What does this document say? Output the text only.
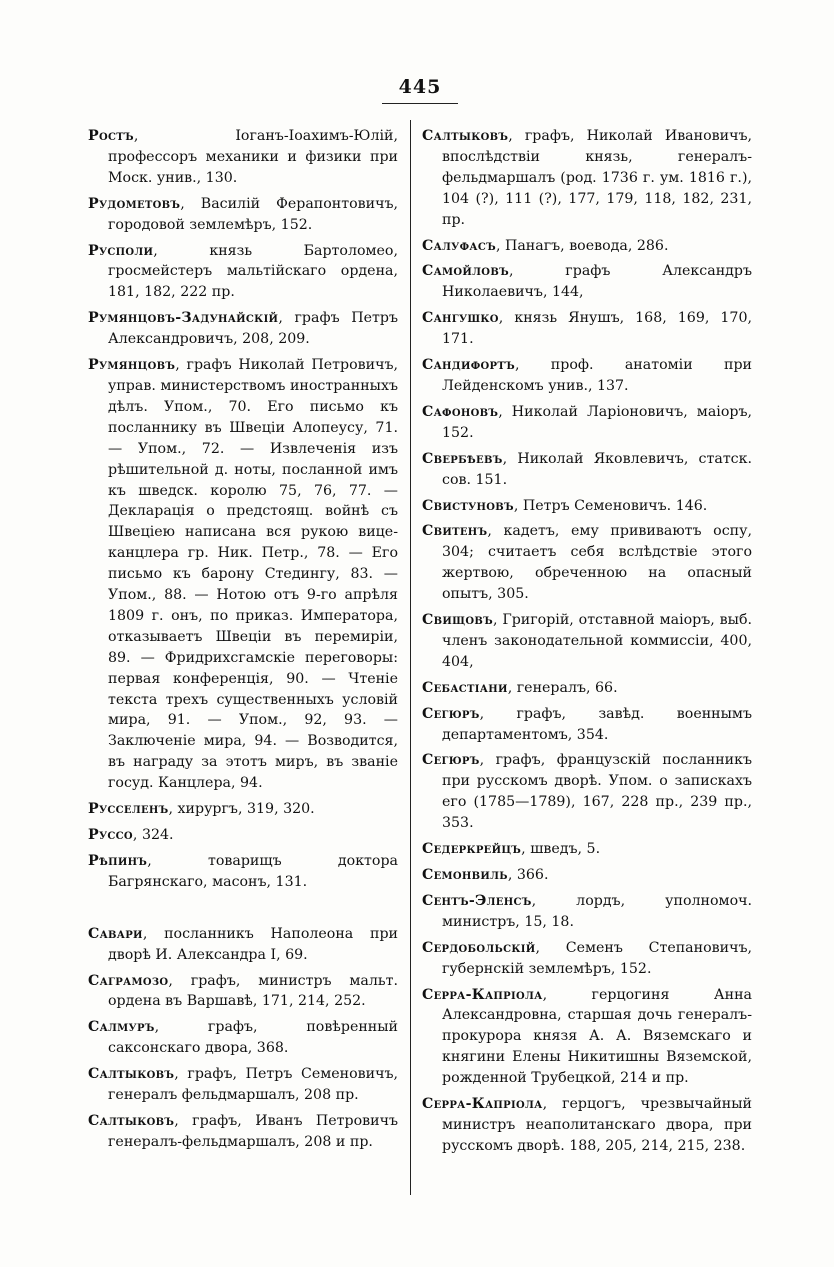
445
Ростъ, Іоганъ-Іоахимъ-Юлій, профессоръ механики и физики при Моск. унив., 130.
Рудометовъ, Василій Ферапонтовичъ, городовой землемѣръ, 152.
Русполи, князь Бартоломео, гросмейстеръ мальтійскаго ордена, 181, 182, 222 пр.
Румянцовъ-Задунайскій, графъ Петръ Александровичъ, 208, 209.
Румянцовъ, графъ Николай Петровичъ, управ. министерствомъ иностранныхъ дѣлъ. Упом., 70. Его письмо къ посланнику въ Швеціи Алопеусу, 71. — Упом., 72. — Извлеченія изъ рѣшительной д. ноты, посланной имъ къ шведск. королю 75, 76, 77. — Декларація о предстоящ. войнѣ съ Швеціею написана вся рукою вице-канцлера гр. Ник. Петр., 78. — Его письмо къ барону Стедингу, 83. — Упом., 88. — Нотою отъ 9-го апрѣля 1809 г. онъ, по приказ. Императора, отказываетъ Швеціи въ перемиріи, 89. — Фридрихсгамскіе переговоры: первая конференція, 90. — Чтеніе текста трехъ существенныхъ условій мира, 91. — Упом., 92, 93. — Заключеніе мира, 94. — Возводится, въ награду за этотъ миръ, въ званіе госуд. Канцлера, 94.
Русселенъ, хирургъ, 319, 320.
Руссо, 324.
Рѣпинъ, товарищъ доктора Багрянскаго, масонъ, 131.
Савари, посланникъ Наполеона при дворѣ И. Александра I, 69.
Саграмозо, графъ, министръ мальт. ордена въ Варшавѣ, 171, 214, 252.
Салмуръ, графъ, повѣренный саксонскаго двора, 368.
Салтыковъ, графъ, Петръ Семеновичъ, генералъ фельдмаршалъ, 208 пр.
Салтыковъ, графъ, Иванъ Петровичъ генералъ-фельдмаршалъ, 208 и пр.
Салтыковъ, графъ, Николай Ивановичъ, впослѣдствіи князь, генералъ-фельдмаршалъ (род. 1736 г. ум. 1816 г.), 104 (?), 111 (?), 177, 179, 118, 182, 231, пр.
Салуфасъ, Панагъ, воевода, 286.
Самойловъ, графъ Александръ Николаевичъ, 144,
Сангушко, князь Янушъ, 168, 169, 170, 171.
Сандифортъ, проф. анатоміи при Лейденскомъ унив., 137.
Сафоновъ, Николай Ларіоновичъ, маіоръ, 152.
Свербѣевъ, Николай Яковлевичъ, статск. сов. 151.
Свистуновъ, Петръ Семеновичъ. 146.
Свитенъ, кадетъ, ему прививаютъ оспу, 304; считаетъ себя вслѣдствіе этого жертвою, обреченною на опасный опытъ, 305.
Свищовъ, Григорій, отставной маіоръ, выб. членъ законодательной коммиссіи, 400, 404,
Себастіани, генералъ, 66.
Сегюръ, графъ, завѣд. военнымъ департаментомъ, 354.
Сегюръ, графъ, французскій посланникъ при русскомъ дворѣ. Упом. о запискахъ его (1785—1789), 167, 228 пр., 239 пр., 353.
Седеркрейцъ, шведъ, 5.
Семонвиль, 366.
Сентъ-Эленсъ, лордъ, уполномоч. министръ, 15, 18.
Сердобольскій, Семенъ Степановичъ, губернскій землемѣръ, 152.
Серра-Капріола, герцогиня Анна Александровна, старшая дочь генералъ-прокурора князя А. А. Вяземскаго и княгини Елены Никитишны Вяземской, рожденной Трубецкой, 214 и пр.
Серра-Капріола, герцогъ, чрезвычайный министръ неаполитанскаго двора, при русскомъ дворѣ. 188, 205, 214, 215, 238.
